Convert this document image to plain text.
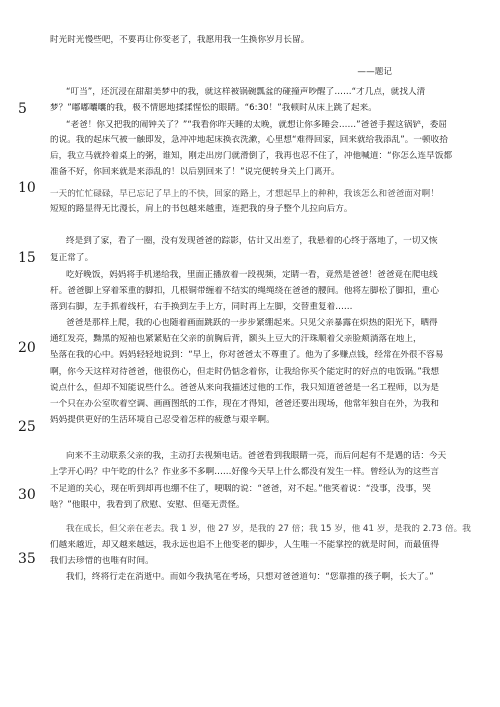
时光时光慢些吧，不要再让你变老了，我愿用我一生换你岁月长留。
——题记
“叮当”，还沉浸在甜甜美梦中的我，就这样被锅碗瓢盆的碰撞声吵醒了……“才几点，就找人清
梦？”嘟嘟囔囔的我，极不情愿地揉揉惺忪的眼睛。“6:30！”我顿时从床上跳了起来。
5
“老爸！你又把我的闹钟关了？”“我看你昨天睡的太晚，就想让你多睡会……”爸爸手握这锅铲，委屈
的说。我的起床气被一触即发，急冲冲地起床换衣洗漱，心里想“难得回家，回来就给我添乱”。一顿收拾
后，我立马就拎着桌上的粥，谁知，刚走出房门就滑倒了，我再也忍不住了，冲他喊道：“你怎么连早饭都
准备不好，你回来就是来添乱的！以后别回来了！”说完便转身关上门离开。
一天的忙忙碌碌，早已忘记了早上的不快，回家的路上，才想起早上的种种，我该怎么和爸爸面对啊！
10
短短的路显得无比漫长，肩上的书包越来越重，连把我的身子整个儿拉向后方。
终是到了家，看了一圈，没有发现爸爸的踪影，估计又出差了，我悬着的心终于落地了，一切又恢
复正常了。
15
吃好晚饭，妈妈将手机递给我，里面正播放着一段视频，定睛一看，竟然是爸爸！爸爸竟在爬电线
杆。爸爸脚上穿着笨重的脚扣，几根铜带缠着不结实的绳绳绕在爸爸的腰间。他将左脚松了脚扣，重心
落到右脚，左手抓着线杆，右手换到左手上方，同时再上左脚，交替重复着……
爸爸是那样上爬，我的心也随着画面跳跃的一步步紧绷起来。只见父亲暴露在炽热的阳光下，晒得
通红发亮，黝黑的短袖也紧紧贴在父亲的前胸后背，额头上豆大的汗珠顺着父亲脸颊淌落在地上，
20	坠落在我的心中。妈妈轻轻地说到：“早上，你对爸爸太不尊重了。他为了多赚点钱，经常在外很不容易
啊，你今天这样对待爸爸，他很伤心，但走时仍惦念着你，让我给你买个能定时的好点的电饭锅。”我想
说点什么，但却不知能说些什么。爸爸从来向我描述过他的工作，我只知道爸爸是一名工程师，以为是
一个只在办公室吹着空调、画画图纸的工作，现在才得知，爸爸还要出现场，他常年独自在外，为我和
妈妈提供更好的生活环境自己忍受着怎样的疲惫与艰辛啊。
25
向来不主动联系父亲的我，主动打去视频电话。爸爸看到我眼睛一亮，而后问起有不是遇的话：今天
上学开心吗？中午吃的什么？作业多不多啊……好像今天早上什么都没有发生一样。曾经认为的这些言
不足道的关心，现在听到却再也绷不住了，哽咽的说：“爸爸，对不起。”他笑着说：“没事，没事，哭
30
啥？”他眼中，我看到了欣慰、安慰、但毫无责怪。
我在成长，但父亲在老去。我 1 岁，他 27 岁，是我的 27 倍；我 15 岁，他 41 岁，是我的 2.73 倍。我
们越来越近，却又越来越远，我永远也追不上他变老的脚步，人生唯一不能掌控的就是时间，而最值得
我们去珍惜的也唯有时间。
35
我们，终将行走在消逝中。而如今我执笔在考场，只想对爸爸道句：“您靠推的孩子啊，长大了。”
